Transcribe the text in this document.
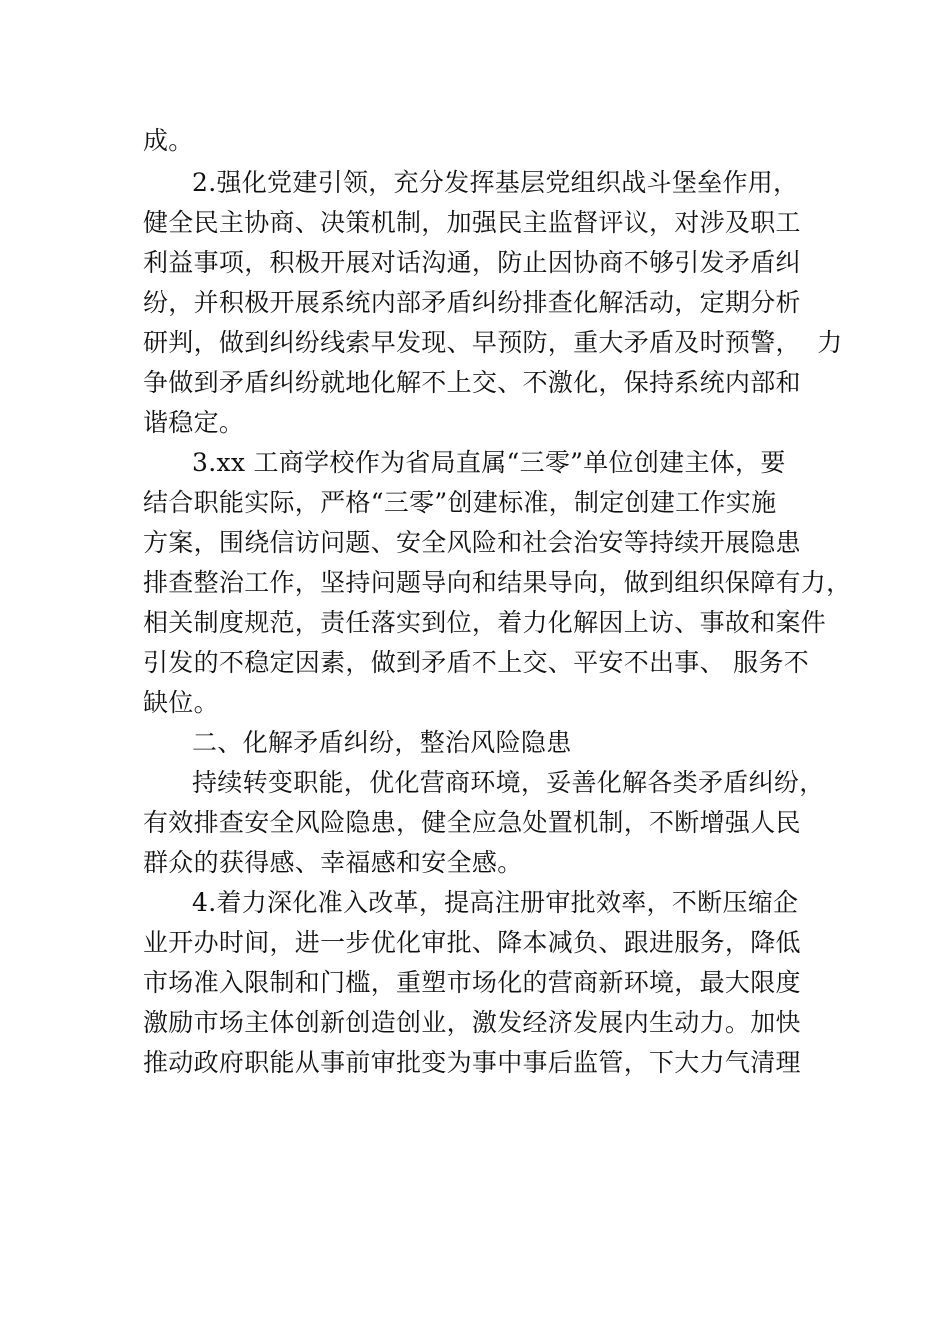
成。
2.强化党建引领，充分发挥基层党组织战斗堡垒作用，
健全民主协商、决策机制，加强民主监督评议，对涉及职工
利益事项，积极开展对话沟通，防止因协商不够引发矛盾纠
纷，并积极开展系统内部矛盾纠纷排查化解活动，定期分析
研判，做到纠纷线索早发现、早预防，重大矛盾及时预警，  力
争做到矛盾纠纷就地化解不上交、不激化，保持系统内部和
谐稳定。
3.xx 工商学校作为省局直属“三零”单位创建主体，要
结合职能实际，严格“三零”创建标准，制定创建工作实施
方案，围绕信访问题、安全风险和社会治安等持续开展隐患
排查整治工作，坚持问题导向和结果导向，做到组织保障有力，
相关制度规范，责任落实到位，着力化解因上访、事故和案件
引发的不稳定因素，做到矛盾不上交、平安不出事、 服务不
缺位。
二、化解矛盾纠纷，整治风险隐患
持续转变职能，优化营商环境，妥善化解各类矛盾纠纷，
有效排查安全风险隐患，健全应急处置机制，不断增强人民
群众的获得感、幸福感和安全感。
4.着力深化准入改革，提高注册审批效率，不断压缩企
业开办时间，进一步优化审批、降本减负、跟进服务，降低
市场准入限制和门槛，重塑市场化的营商新环境，最大限度
激励市场主体创新创造创业，激发经济发展内生动力。加快
推动政府职能从事前审批变为事中事后监管，下大力气清理
